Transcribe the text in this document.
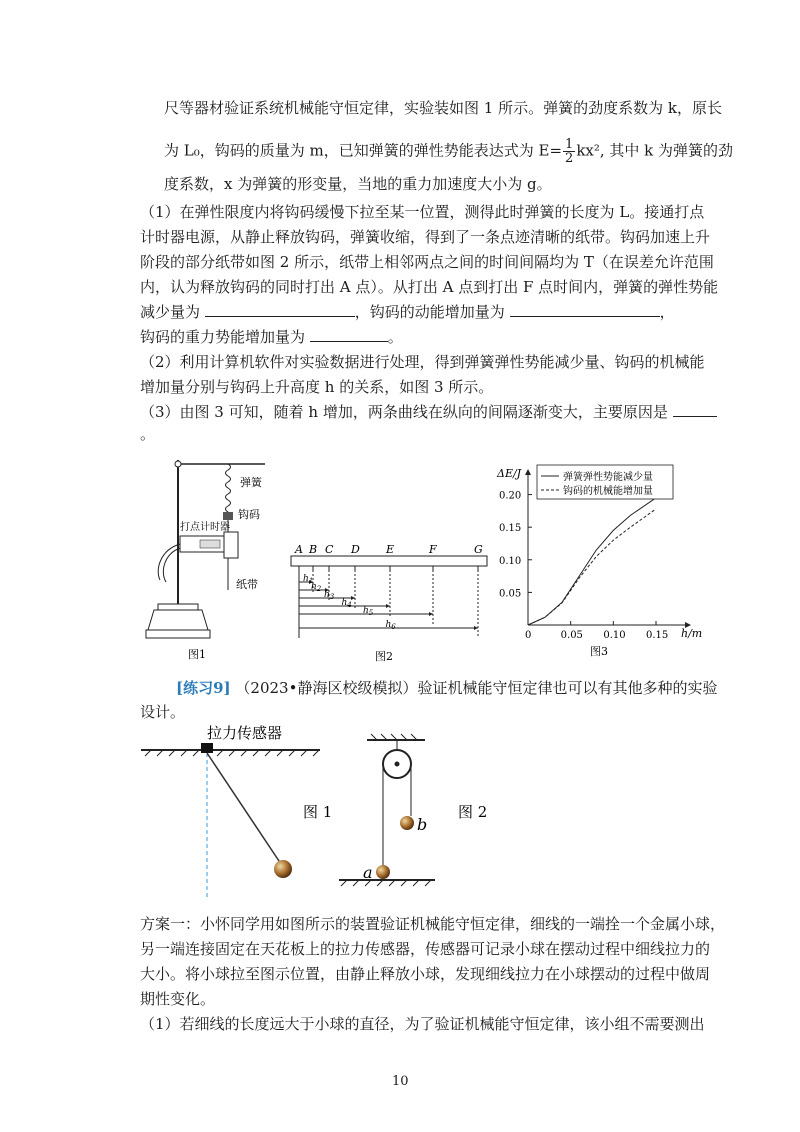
尺等器材验证系统机械能守恒定律，实验装如图 1 所示。弹簧的劲度系数为 k，原长
为 L₀，钩码的质量为 m，已知弹簧的弹性势能表达式为 $E= \frac{1}{2} kx^2$, 其中 k 为弹簧的劲
度系数，x 为弹簧的形变量，当地的重力加速度大小为 g。
（1）在弹性限度内将钩码缓慢下拉至某一位置，测得此时弹簧的长度为 L。接通打点
计时器电源，从静止释放钩码，弹簧收缩，得到了一条点迹清晰的纸带。钩码加速上升
阶段的部分纸带如图 2 所示，纸带上相邻两点之间的时间间隔均为 T（在误差允许范围
内，认为释放钩码的同时打出 A 点）。从打出 A 点到打出 F 点时间内，弹簧的弹性势能
减少量为	，钩码的动能增加量为	，
钩码的重力势能增加量为	。
（2）利用计算机软件对实验数据进行处理，得到弹簧弹性势能减少量、钩码的机械能
增加量分别与钩码上升高度 h 的关系，如图 3 所示。
（3）由图 3 可知，随着 h 增加，两条曲线在纵向的间隔逐渐变大，主要原因是
。
弹簧
钩码
打点计时器
纸带
图1
A B C D E	F	G
$h_1$
$h_2$
$h_3$
$h_4$
$h_5$
$h_6$
图2
ΔE/J
h/m
0.20
0.15
0.10
0.05
0	0.05 0.10 0.15
弹簧弹性势能减少量
钩码的机械能增加量
图3
[练习9] （2023•静海区校级模拟）验证机械能守恒定律也可以有其他多种的实验
设计。
拉力传感器
图 1
b
a
图 2
方案一：小怀同学用如图所示的装置验证机械能守恒定律，细线的一端拴一个金属小球，
另一端连接固定在天花板上的拉力传感器，传感器可记录小球在摆动过程中细线拉力的
大小。将小球拉至图示位置，由静止释放小球，发现细线拉力在小球摆动的过程中做周
期性变化。
（1）若细线的长度远大于小球的直径，为了验证机械能守恒定律，该小组不需要测出
10
